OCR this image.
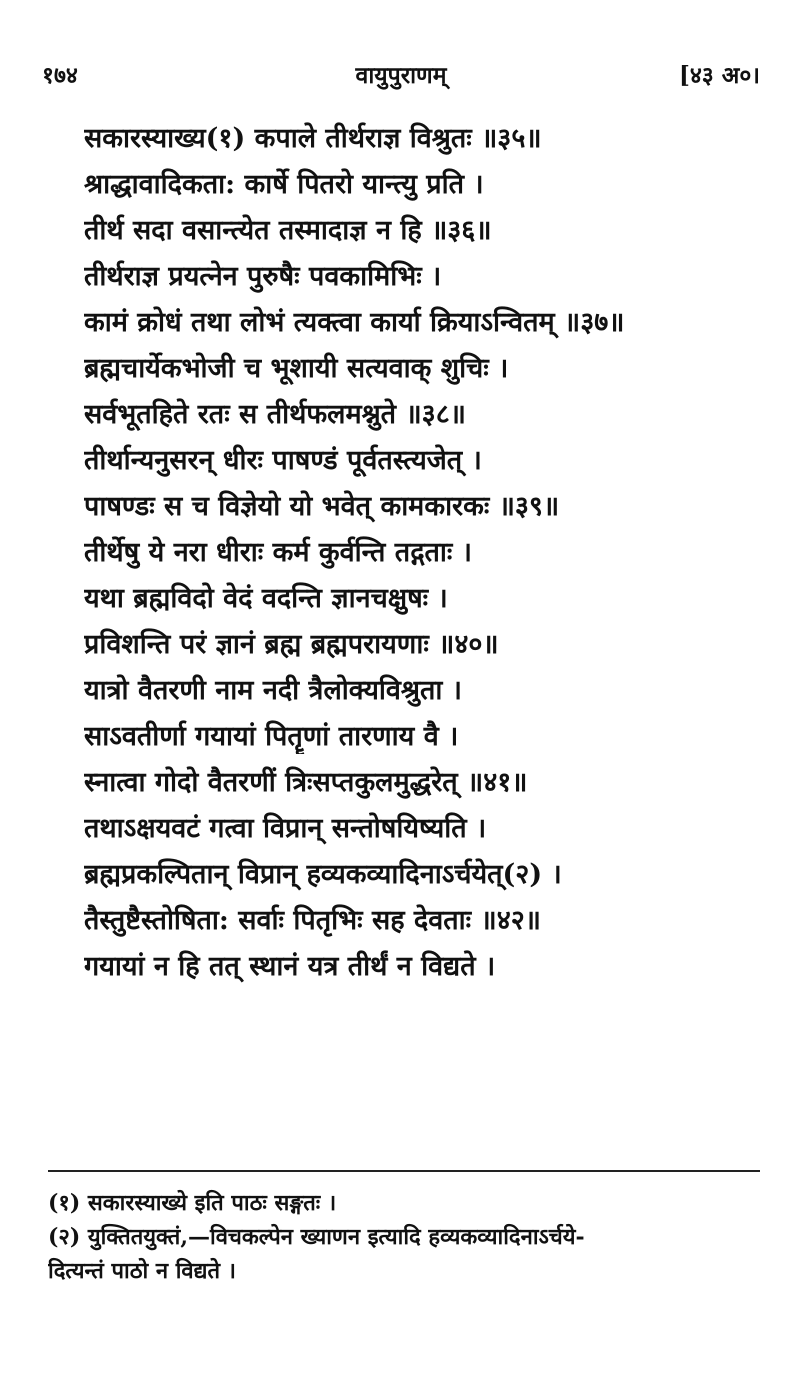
१७४	वायुपुराणम्	[४३ अ०।
सकारस्याख्य(१) कपाले तीर्थराज्ञ विश्रुतः ॥३५॥
श्राद्धावादिकता: कार्षे पितरो यान्त्यु प्रति ।
तीर्थ सदा वसान्त्येत तस्मादाज्ञ न हि ॥३६॥
तीर्थराज्ञ प्रयत्नेन पुरुषैः पवकामिभिः ।
कामं क्रोधं तथा लोभं त्यक्त्वा कार्या क्रियाऽन्वितम् ॥३७॥
ब्रह्मचार्येकभोजी च भूशायी सत्यवाक् शुचिः ।
सर्वभूतहिते रतः स तीर्थफलमश्नुते ॥३८॥
तीर्थान्यनुसरन् धीरः पाषण्डं पूर्वतस्त्यजेत् ।
पाषण्डः स च विज्ञेयो यो भवेत् कामकारकः ॥३९॥
तीर्थेषु ये नरा धीराः कर्म कुर्वन्ति तद्गताः ।
यथा ब्रह्मविदो वेदं वदन्ति ज्ञानचक्षुषः ।
प्रविशन्ति परं ज्ञानं ब्रह्म ब्रह्मपरायणाः ॥४०॥
यात्रो वैतरणी नाम नदी त्रैलोक्यविश्रुता ।
साऽवतीर्णा गयायां पितॄणां तारणाय वै ।
स्नात्वा गोदो वैतरणीं त्रिःसप्तकुलमुद्धरेत् ॥४१॥
तथाऽक्षयवटं गत्वा विप्रान् सन्तोषयिष्यति ।
ब्रह्मप्रकल्पितान् विप्रान् हव्यकव्यादिनाऽर्चयेत्(२) ।
तैस्तुष्टैस्तोषिता: सर्वाः पितृभिः सह देवताः ॥४२॥
गयायां न हि तत् स्थानं यत्र तीर्थं न विद्यते ।
(१) सकारस्याख्ये इति पाठः सङ्गतः ।
(२) युक्तितयुक्तं,—विचकल्पेन ख्याणन इत्यादि हव्यकव्यादिनाऽर्चये-
दित्यन्तं पाठो न विद्यते ।
